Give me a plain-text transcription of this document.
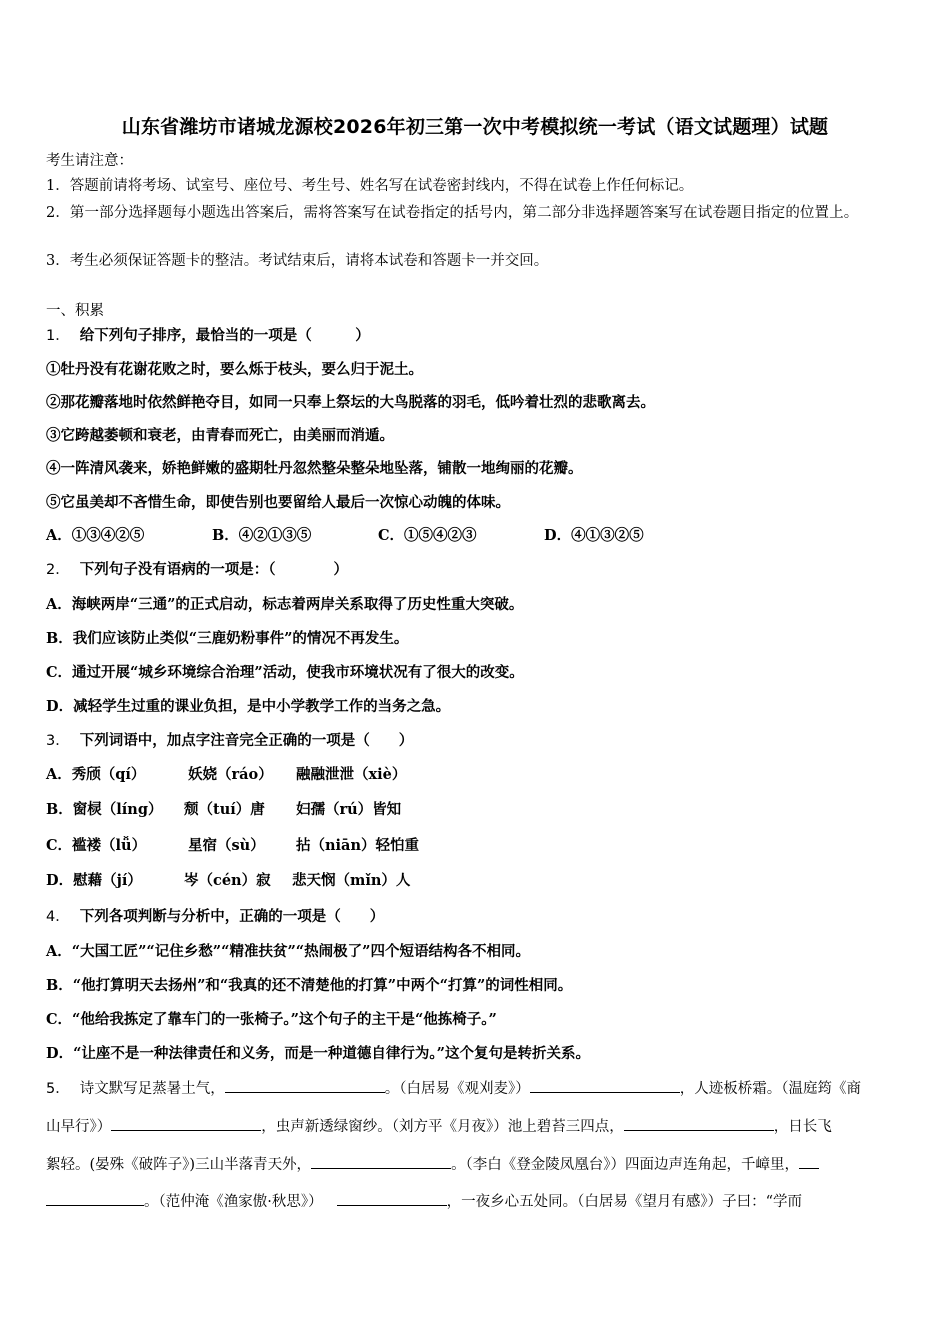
山东省潍坊市诸城龙源校2026年初三第一次中考模拟统一考试（语文试题理）试题
考生请注意：
1．答题前请将考场、试室号、座位号、考生号、姓名写在试卷密封线内，不得在试卷上作任何标记。
2．第一部分选择题每小题选出答案后，需将答案写在试卷指定的括号内，第二部分非选择题答案写在试卷题目指定的位置上。
3．考生必须保证答题卡的整洁。考试结束后，请将本试卷和答题卡一并交回。
一、积累
1． 给下列句子排序，最恰当的一项是（　　　）
①牡丹没有花谢花败之时，要么烁于枝头，要么归于泥土。
②那花瓣落地时依然鲜艳夺目，如同一只奉上祭坛的大鸟脱落的羽毛，低吟着壮烈的悲歌离去。
③它跨越萎顿和衰老，由青春而死亡，由美丽而消遁。
④一阵清风袭来，娇艳鲜嫩的盛期牡丹忽然整朵整朵地坠落，铺散一地绚丽的花瓣。
⑤它虽美却不吝惜生命，即使告别也要留给人最后一次惊心动魄的体味。
A．①③④②⑤	B．④②①③⑤	C．①⑤④②③	D．④①③②⑤
2． 下列句子没有语病的一项是：（　　　　）
A．海峡两岸“三通”的正式启动，标志着两岸关系取得了历史性重大突破。
B．我们应该防止类似“三鹿奶粉事件”的情况不再发生。
C．通过开展“城乡环境综合治理”活动，使我市环境状况有了很大的改变。
D．减轻学生过重的课业负担，是中小学教学工作的当务之急。
3． 下列词语中，加点字注音完全正确的一项是（　　）
A．秀颀（qí）	妖娆（ráo） 融融泄泄（xiè）
B．窗棂（líng） 颓（tuí）唐 妇孺（rú）皆知
C．褴褛（lǚ）	星宿（sù） 拈（niān）轻怕重
D．慰藉（jí）	岑（cén）寂 悲天悯（mǐn）人
4． 下列各项判断与分析中，正确的一项是（　　）
A．“大国工匠”“记住乡愁”“精准扶贫”“热闹极了”四个短语结构各不相同。
B．“他打算明天去扬州”和“我真的还不清楚他的打算”中两个“打算”的词性相同。
C．“他给我拣定了靠车门的一张椅子。”这个句子的主干是“他拣椅子。”
D．“让座不是一种法律责任和义务，而是一种道德自律行为。”这个复句是转折关系。
5． 诗文默写足蒸暑土气，	。（白居易《观刈麦》）	，人迹板桥霜。（温庭筠《商
山早行》）	，虫声新透绿窗纱。（刘方平《月夜》）池上碧苔三四点，	，日长飞
絮轻。(晏殊《破阵子》)三山半落青天外，	。（李白《登金陵凤凰台》）四面边声连角起，千嶂里，
。（范仲淹《渔家傲·秋思》）	，一夜乡心五处同。（白居易《望月有感》）子曰：“学而
